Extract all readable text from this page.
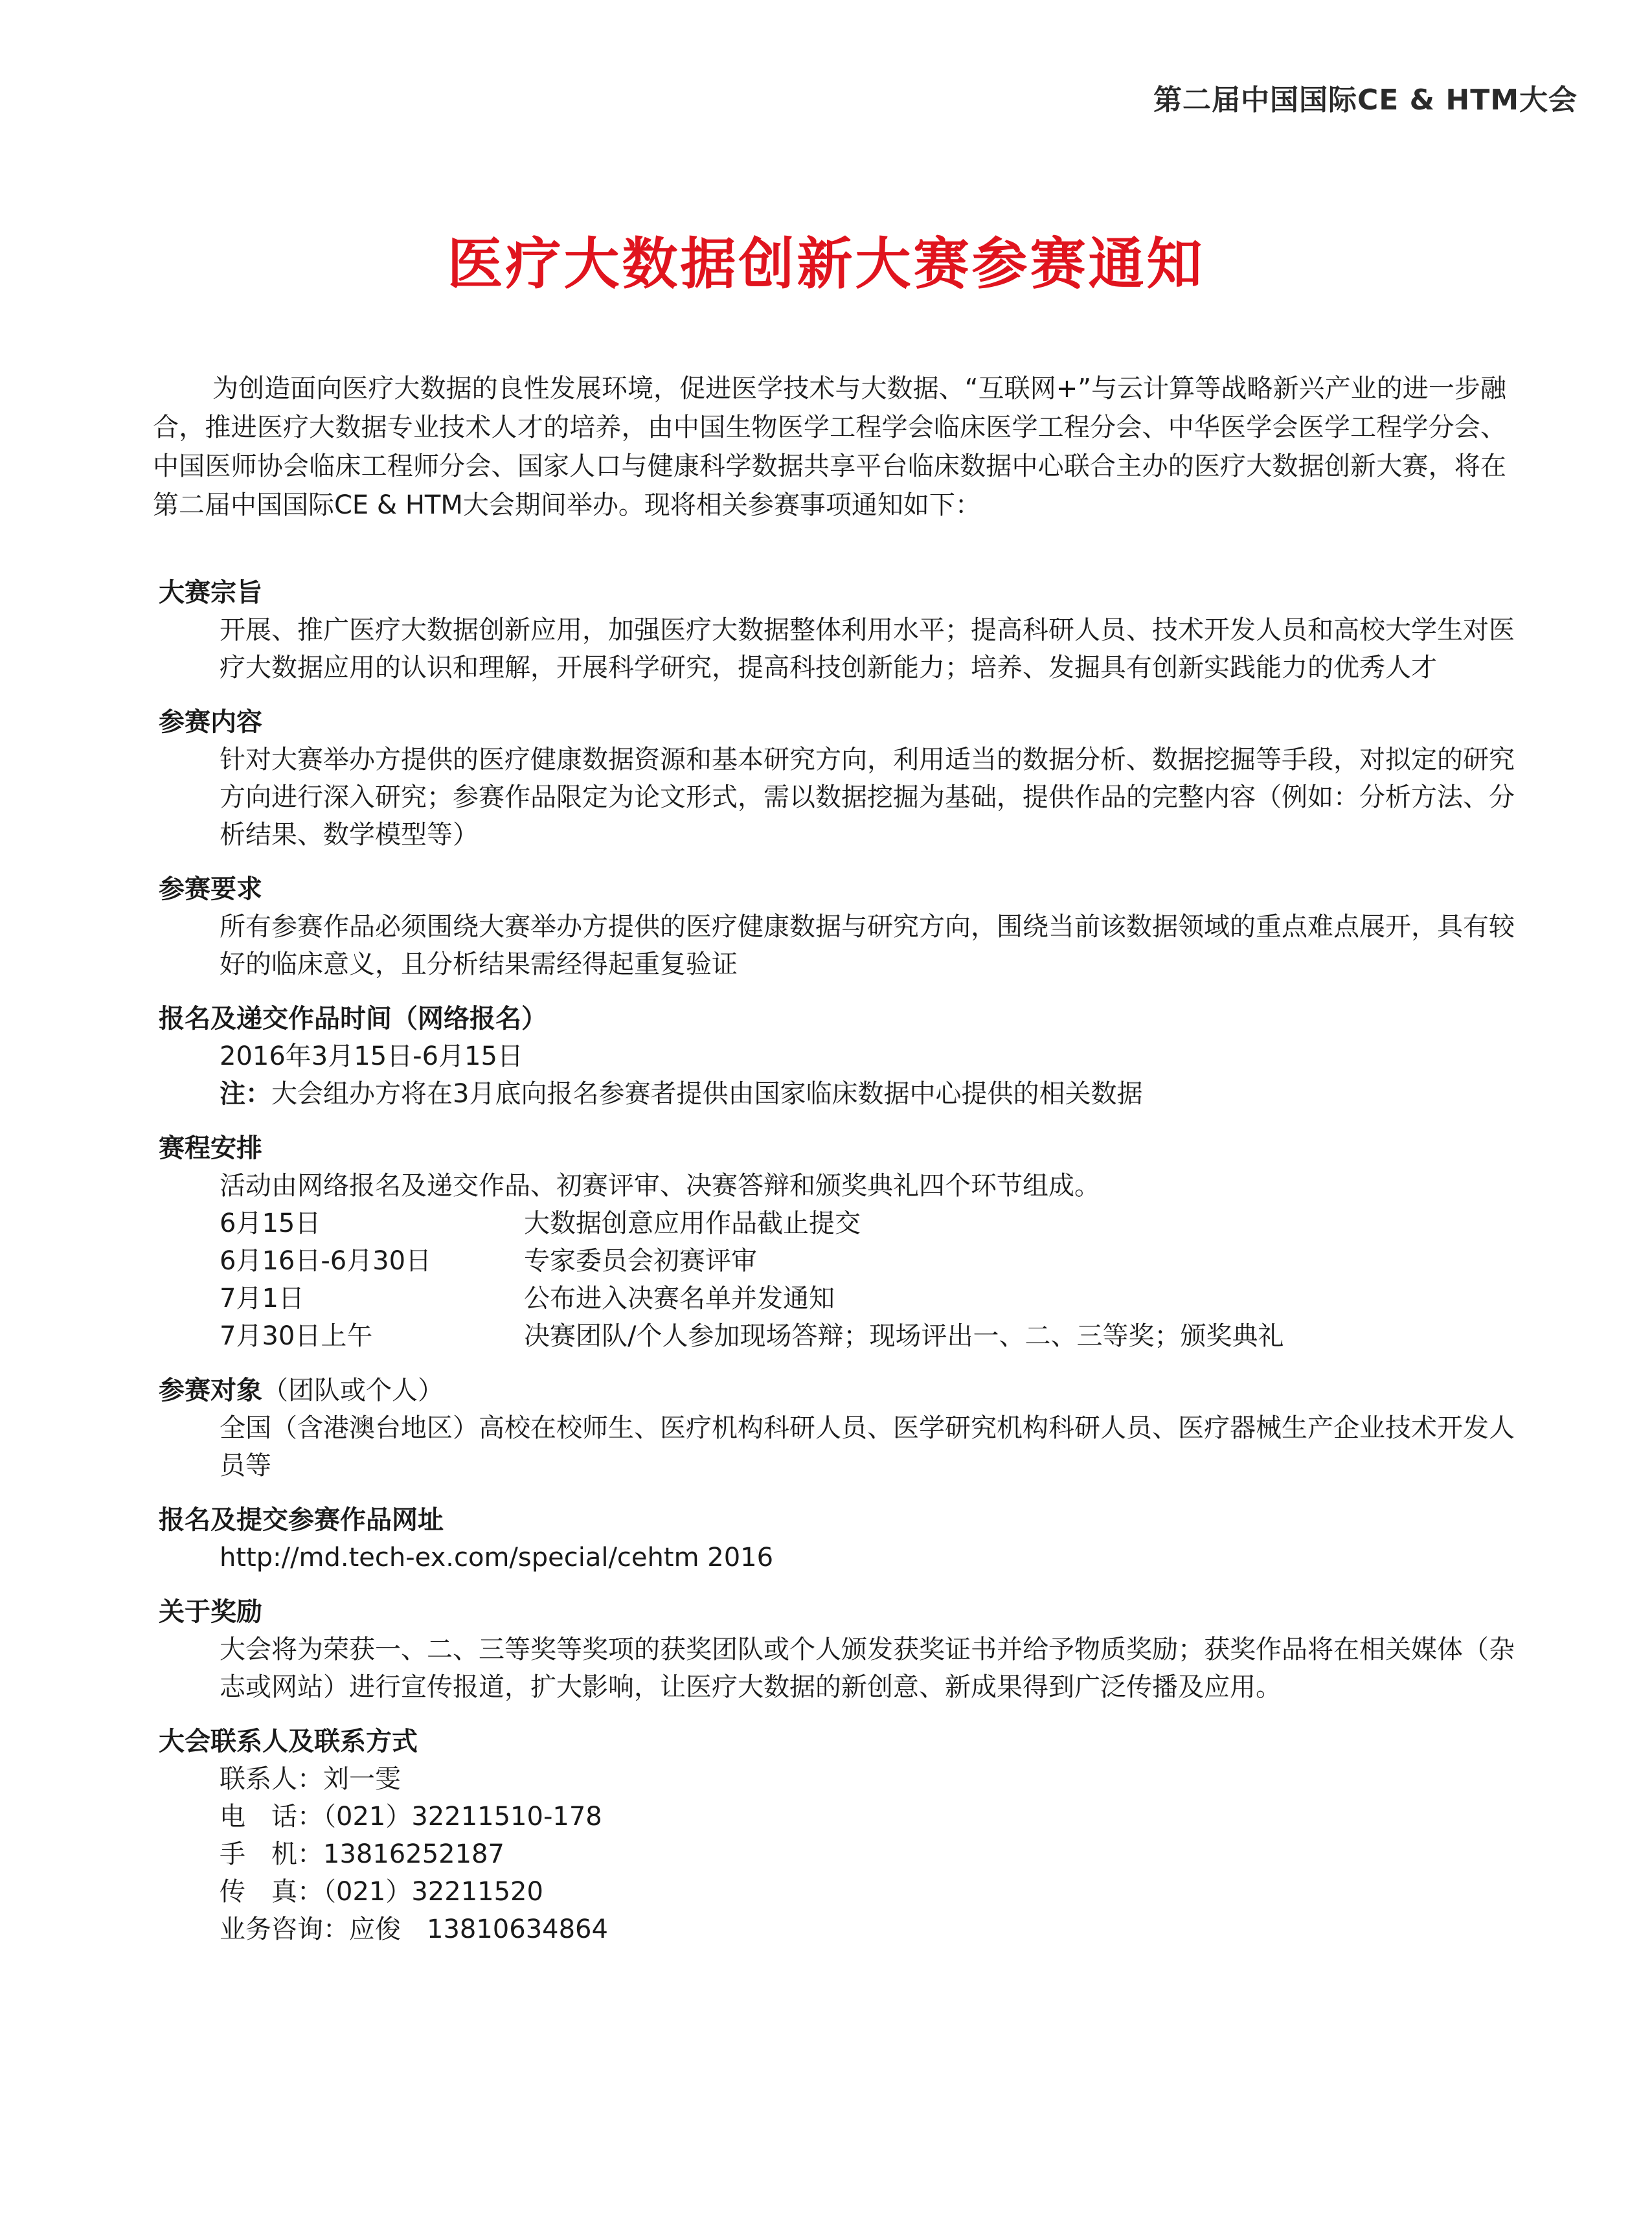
第二届中国国际CE & HTM大会
医疗大数据创新大赛参赛通知

为创造面向医疗大数据的良性发展环境，促进医学技术与大数据、“互联网+”与云计算等战略新兴产业的进一步融合，推进医疗大数据专业技术人才的培养，由中国生物医学工程学会临床医学工程分会、中华医学会医学工程学分会、中国医师协会临床工程师分会、国家人口与健康科学数据共享平台临床数据中心联合主办的医疗大数据创新大赛，将在第二届中国国际CE & HTM大会期间举办。现将相关参赛事项通知如下：

大赛宗旨

开展、推广医疗大数据创新应用，加强医疗大数据整体利用水平；提高科研人员、技术开发人员和高校大学生对医疗大数据应用的认识和理解，开展科学研究，提高科技创新能力；培养、发掘具有创新实践能力的优秀人才

参赛内容

针对大赛举办方提供的医疗健康数据资源和基本研究方向，利用适当的数据分析、数据挖掘等手段，对拟定的研究方向进行深入研究；参赛作品限定为论文形式，需以数据挖掘为基础，提供作品的完整内容（例如：分析方法、分析结果、数学模型等）

参赛要求

所有参赛作品必须围绕大赛举办方提供的医疗健康数据与研究方向，围绕当前该数据领域的重点难点展开，具有较好的临床意义，且分析结果需经得起重复验证

报名及递交作品时间（网络报名）

2016年3月15日-6月15日

注：大会组办方将在3月底向报名参赛者提供由国家临床数据中心提供的相关数据

赛程安排

活动由网络报名及递交作品、初赛评审、决赛答辩和颁奖典礼四个环节组成。

6月15日	大数据创意应用作品截止提交
6月16日-6月30日	专家委员会初赛评审
7月1日	公布进入决赛名单并发通知
7月30日上午	决赛团队/个人参加现场答辩；现场评出一、二、三等奖；颁奖典礼
参赛对象（团队或个人）

全国（含港澳台地区）高校在校师生、医疗机构科研人员、医学研究机构科研人员、医疗器械生产企业技术开发人员等

报名及提交参赛作品网址

http://md.tech-ex.com/special/cehtm 2016

关于奖励

大会将为荣获一、二、三等奖等奖项的获奖团队或个人颁发获奖证书并给予物质奖励；获奖作品将在相关媒体（杂志或网站）进行宣传报道，扩大影响，让医疗大数据的新创意、新成果得到广泛传播及应用。

大会联系人及联系方式

联系人：刘一雯

电　话：（021）32211510-178

手　机：13816252187

传　真：（021）32211520

业务咨询：应俊　13810634864
